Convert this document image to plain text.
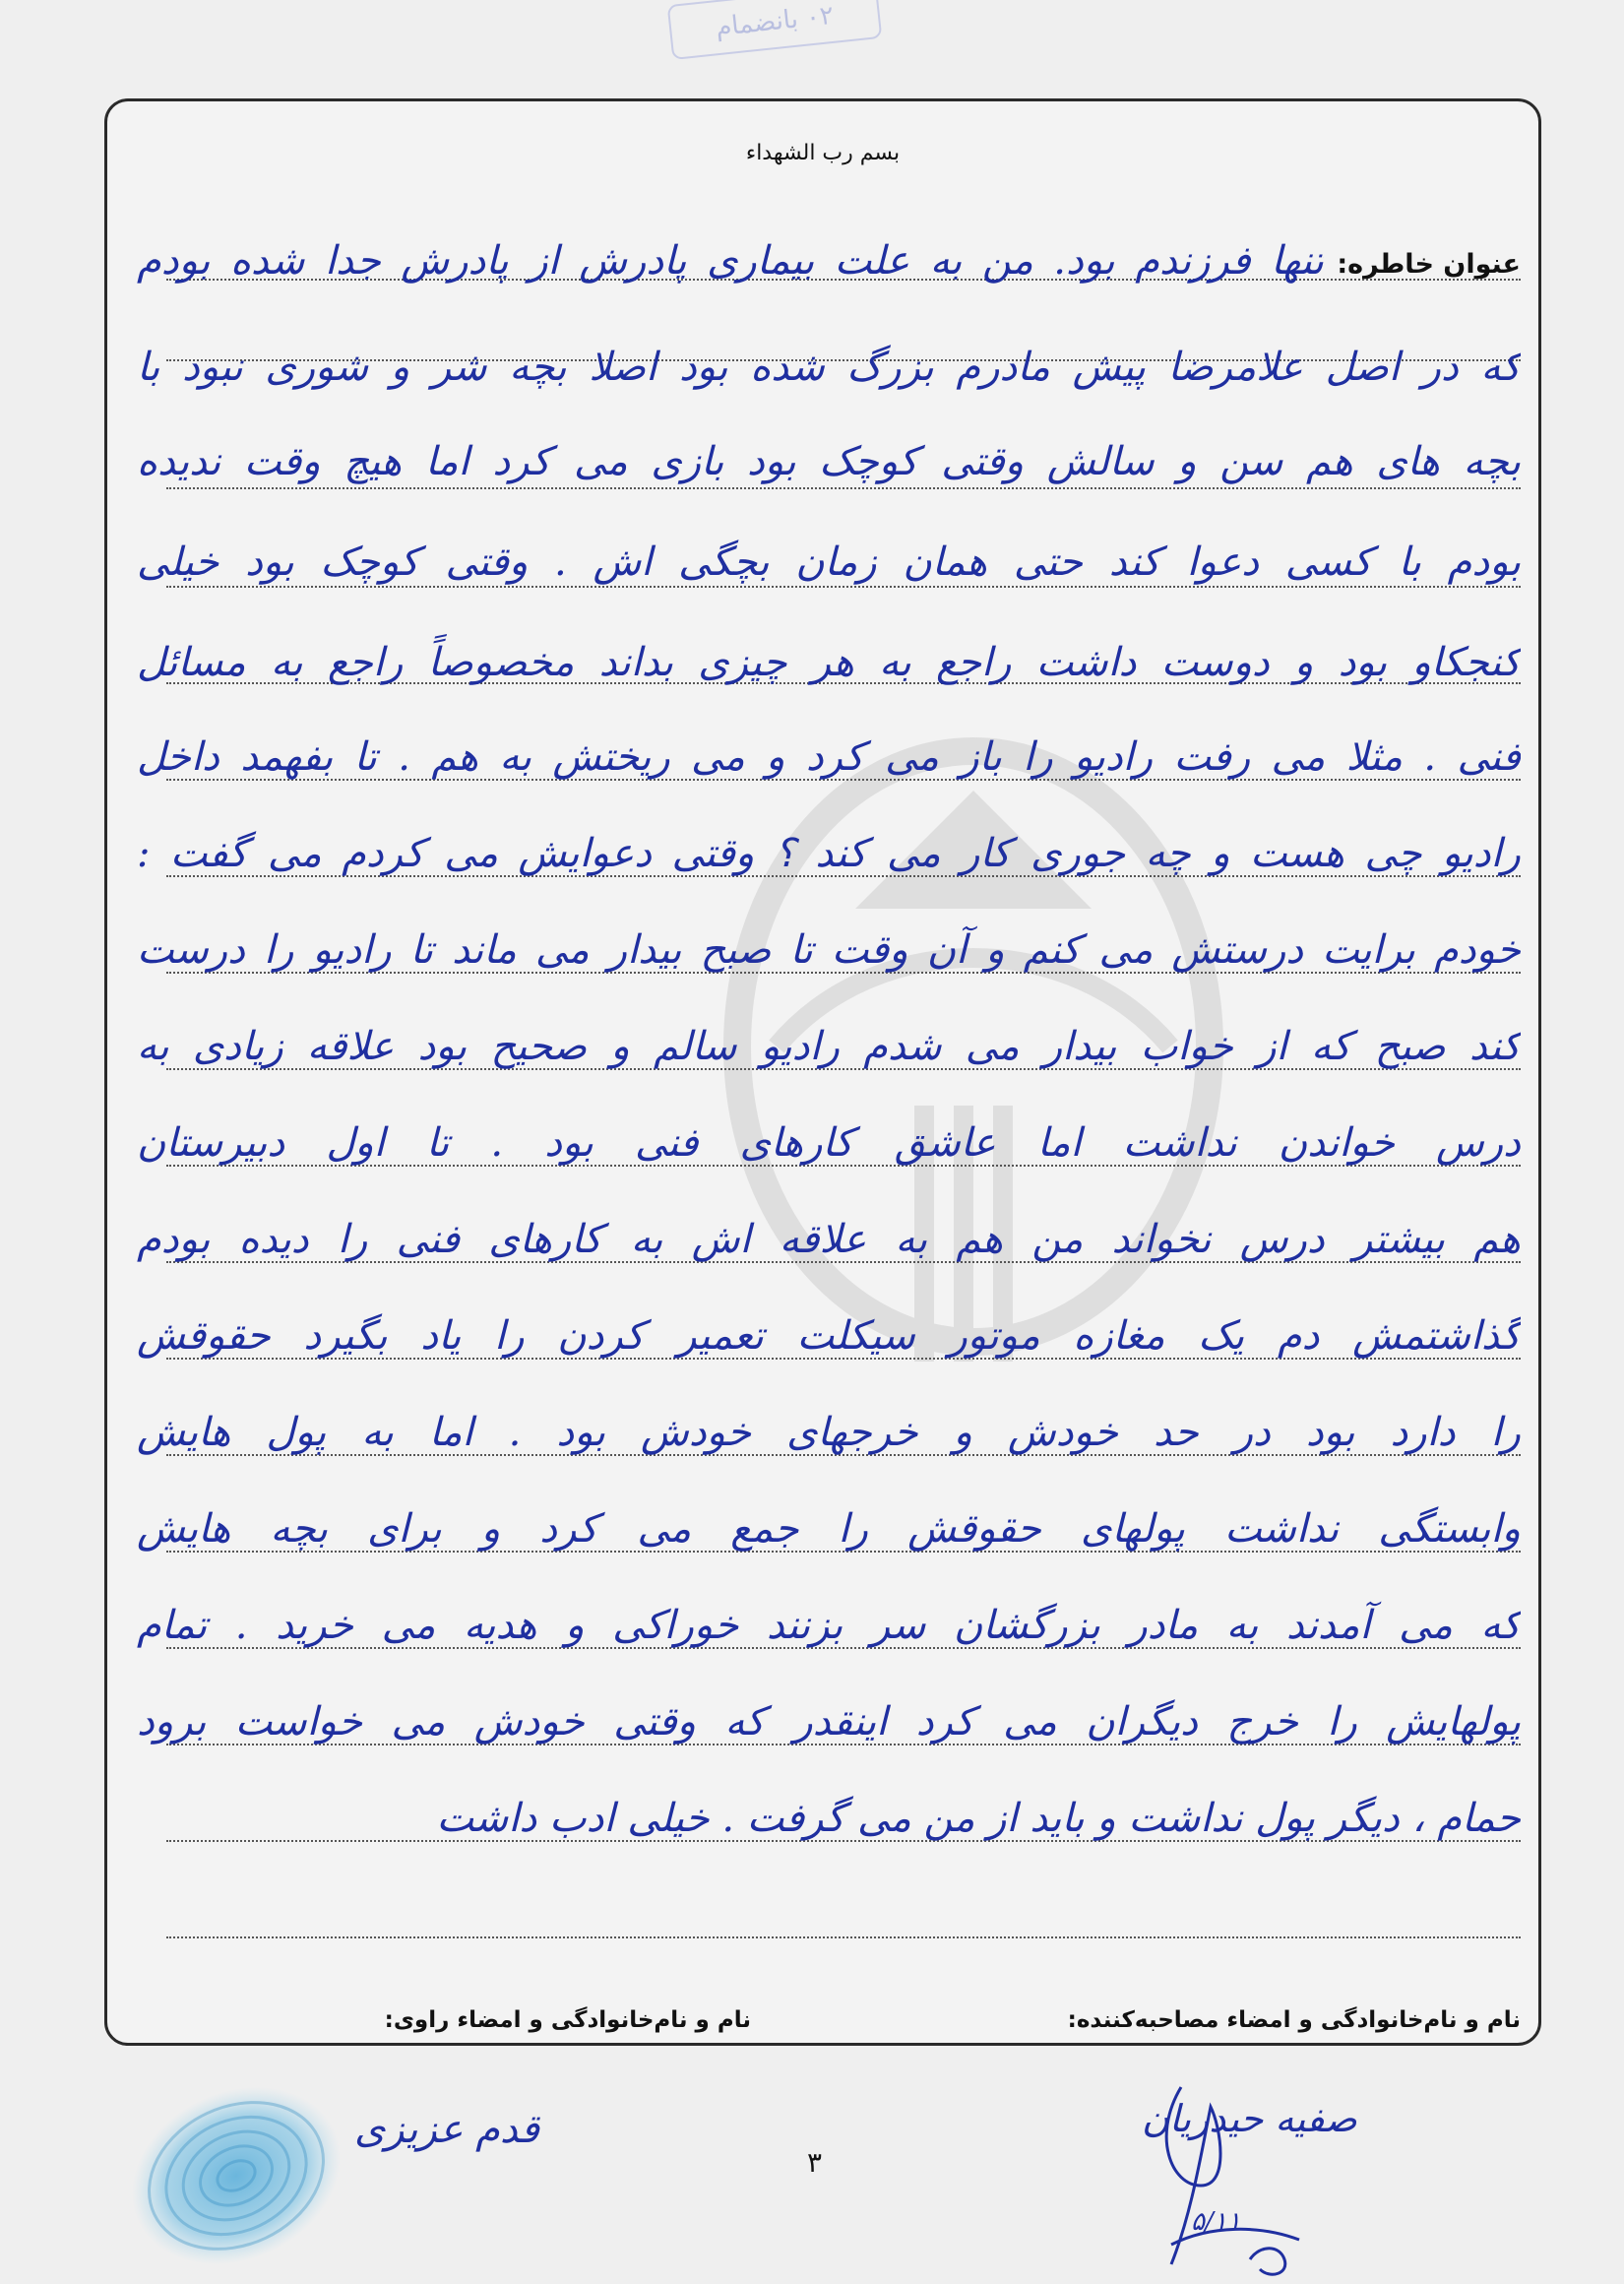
۰۲ بانضمام
بسم رب الشهداء
عنوان خاطره:
تنها فرزندم بود. من به علت بیماری پادرش از پادرش جدا شده بودم
که در اصل علامرضا پیش مادرم بزرگ شده بود اصلا بچه شر و شوری نبود با
بچه های هم سن و سالش وقتی کوچک بود بازی می کرد اما هیچ وقت ندیده
بودم با کسی دعوا کند حتی همان زمان بچگی اش . وقتی کوچک بود خیلی
کنجکاو بود و دوست داشت راجع به هر چیزی بداند مخصوصاً راجع به مسائل
فنی . مثلا می رفت رادیو را باز می کرد و می ریختش به هم . تا بفهمد داخل
رادیو چی هست و چه جوری کار می کند ؟ وقتی دعوایش می کردم می گفت :
خودم برایت درستش می کنم و آن وقت تا صبح بیدار می ماند تا رادیو را درست
کند صبح که از خواب بیدار می شدم رادیو سالم و صحیح بود علاقه زیادی به
درس خواندن نداشت اما عاشق کارهای فنی بود . تا اول دبیرستان
هم بیشتر درس نخواند من هم به علاقه اش به کارهای فنی را دیده بودم
گذاشتمش دم یک مغازه موتور سیکلت تعمیر کردن را یاد بگیرد حقوقش
را دارد بود در حد خودش و خرجهای خودش بود . اما به پول هایش
وابستگی نداشت پولهای حقوقش را جمع می کرد و برای بچه هایش
که می آمدند به مادر بزرگشان سر بزنند خوراکی و هدیه می خرید . تمام
پولهایش را خرج دیگران می کرد اینقدر که وقتی خودش می خواست برود
حمام ، دیگر پول نداشت و باید از من می گرفت . خیلی ادب داشت
نام و نام‌خانوادگی و امضاء مصاحبه‌کننده:
نام و نام‌خانوادگی و امضاء راوی:
قدم عزیزی
۳
صفیه حیدریان
۵/۱۱
